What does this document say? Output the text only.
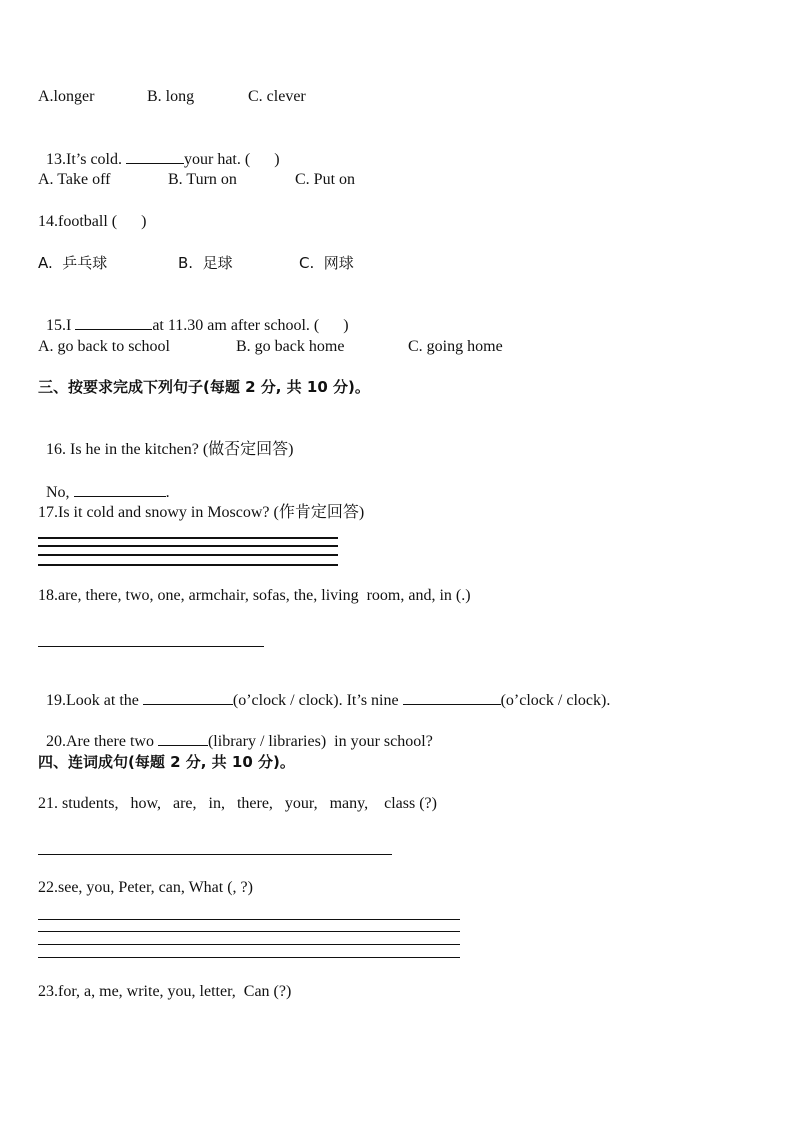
A.longer	B. long	C. clever

13.It’s cold.	your hat. (      )

A. Take off	B. Turn on	C. Put on
14.football (      )
A.  乒乓球	B.  足球	C.  网球

15.I	at 11.30 am after school. (      )

A. go back to school	B. go back home	C. going home
三、按要求完成下列句子(每题 2 分, 共 10 分)。

16. Is he in the kitchen? (做否定回答)

No,	.

17.Is it cold and snowy in Moscow? (作肯定回答)
18.are, there, two, one, armchair, sofas, the, living  room, and, in (.)

19.Look at the	(o’clock / clock). It’s nine	(o’clock / clock).

20.Are there two	(library / libraries)  in your school?

四、连词成句(每题 2 分, 共 10 分)。
21. students,   how,   are,   in,   there,   your,   many,    class (?)
22.see, you, Peter, can, What (, ?)
23.for, a, me, write, you, letter,  Can (?)
